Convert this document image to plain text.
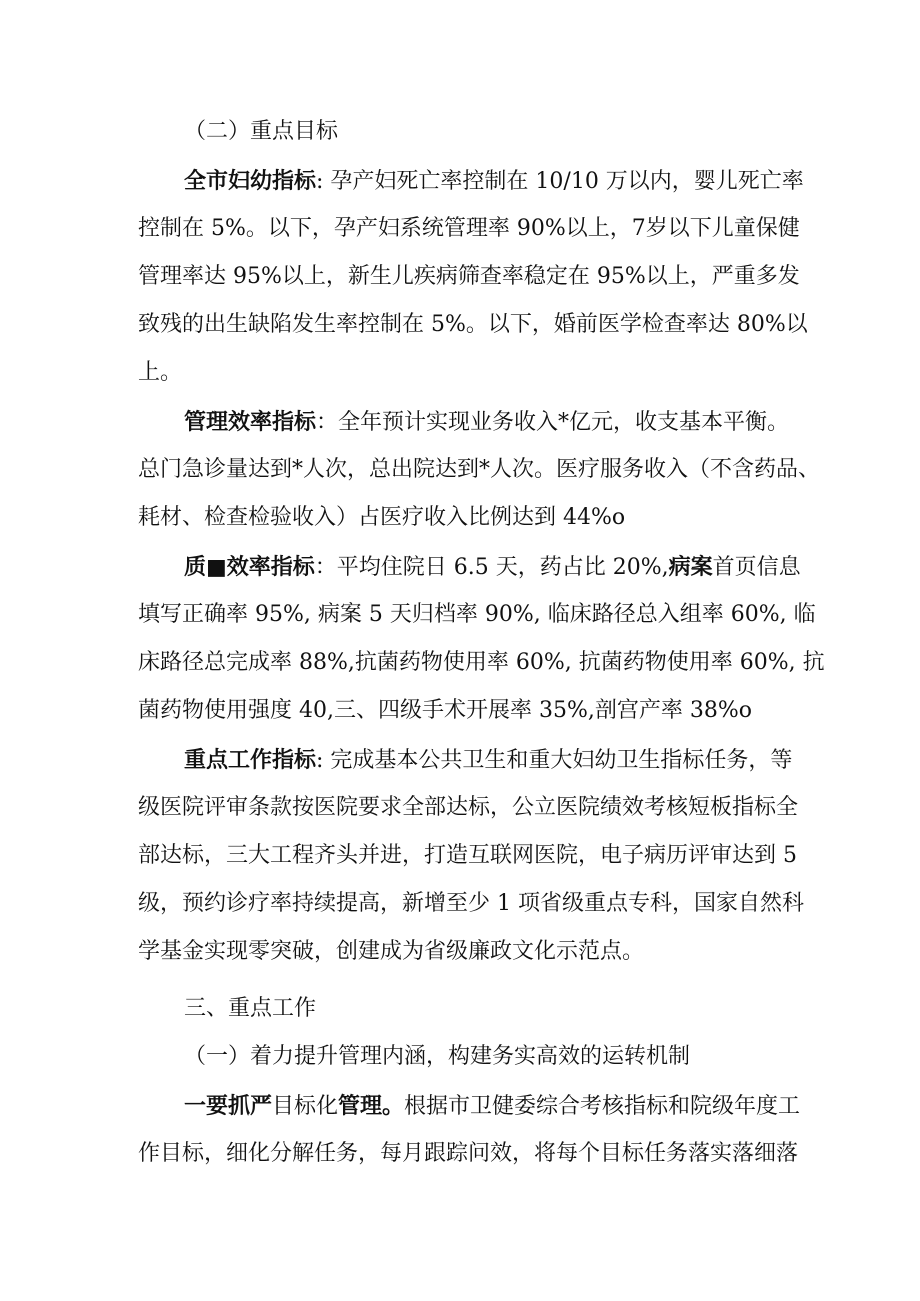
（二）重点目标
全市妇幼指标: 孕产妇死亡率控制在 10/10 万以内，婴儿死亡率
控制在 5%。以下，孕产妇系统管理率 90%以上，7岁以下儿童保健
管理率达 95%以上，新生儿疾病筛查率稳定在 95%以上，严重多发
致残的出生缺陷发生率控制在 5%。以下，婚前医学检查率达 80%以
上。
管理效率指标：全年预计实现业务收入*亿元，收支基本平衡。
总门急诊量达到*人次，总出院达到*人次。医疗服务收入（不含药品、
耗材、检查检验收入）占医疗收入比例达到 44%o
质■效率指标：平均住院日 6.5 天，药占比 20%,病案首页信息
填写正确率 95%, 病案 5 天归档率 90%, 临床路径总入组率 60%, 临
床路径总完成率 88%,抗菌药物使用率 60%, 抗菌药物使用率 60%, 抗
菌药物使用强度 40,三、四级手术开展率 35%,剖宫产率 38%o
重点工作指标: 完成基本公共卫生和重大妇幼卫生指标任务，等
级医院评审条款按医院要求全部达标，公立医院绩效考核短板指标全
部达标，三大工程齐头并进，打造互联网医院，电子病历评审达到 5
级，预约诊疗率持续提高，新增至少 1 项省级重点专科，国家自然科
学基金实现零突破，创建成为省级廉政文化示范点。
三、重点工作
（一）着力提升管理内涵，构建务实高效的运转机制
一要抓严目标化管理。根据市卫健委综合考核指标和院级年度工
作目标，细化分解任务，每月跟踪问效，将每个目标任务落实落细落
